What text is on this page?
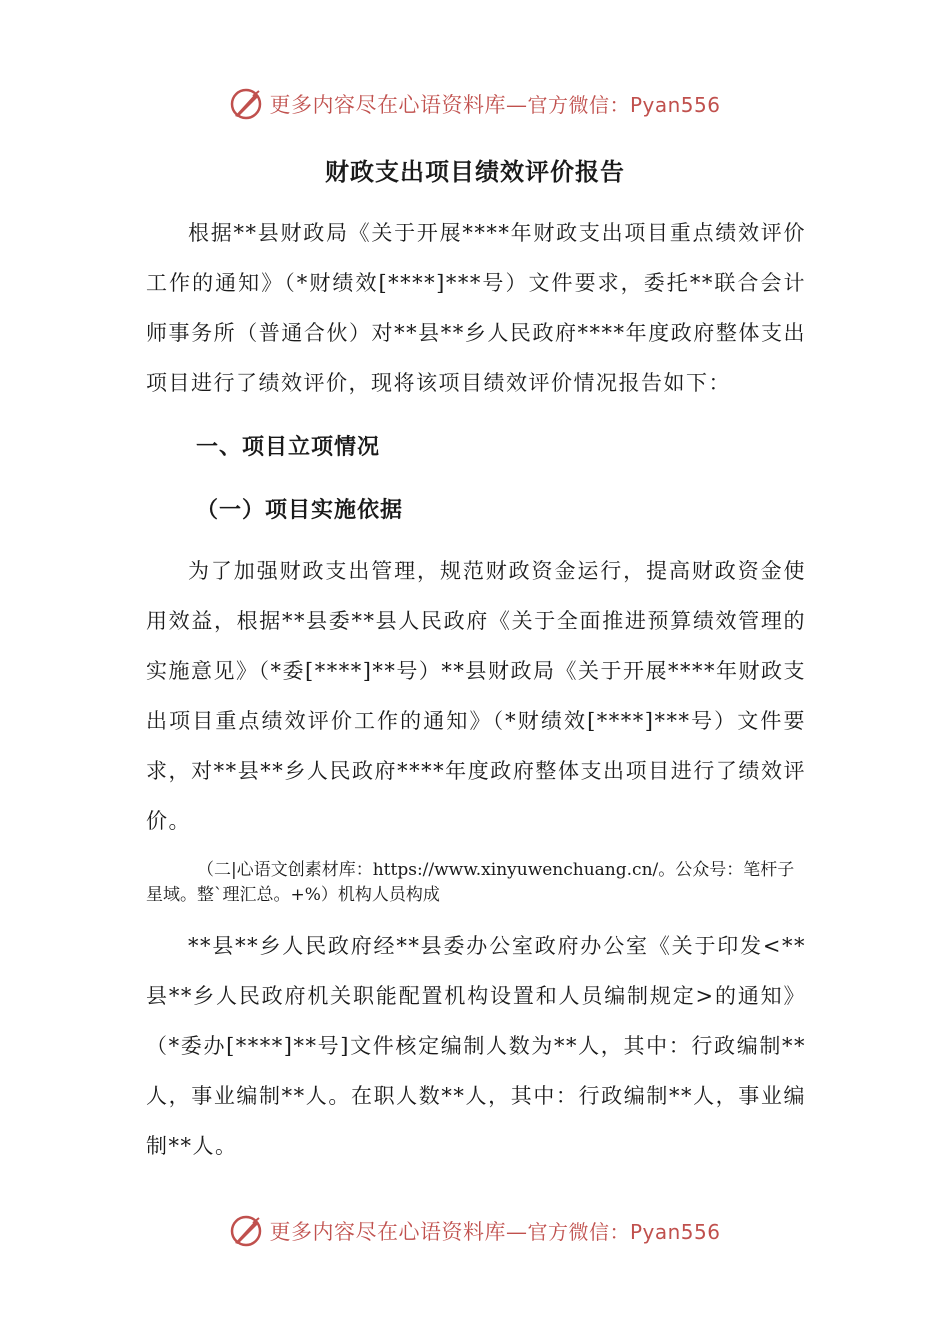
更多内容尽在心语资料库—官方微信：Pyan556
财政支出项目绩效评价报告

根据**县财政局《关于开展****年财政支出项目重点绩效评价工作的通知》（*财绩效[****]***号）文件要求，委托**联合会计师事务所（普通合伙）对**县**乡人民政府****年度政府整体支出项目进行了绩效评价，现将该项目绩效评价情况报告如下：

一、项目立项情况
（一）项目实施依据

为了加强财政支出管理，规范财政资金运行，提高财政资金使用效益，根据**县委**县人民政府《关于全面推进预算绩效管理的实施意见》（*委[****]**号）**县财政局《关于开展****年财政支出项目重点绩效评价工作的通知》（*财绩效[****]***号）文件要求，对**县**乡人民政府****年度政府整体支出项目进行了绩效评价。

（二|心语文创素材库：https://www.xinyuwenchuang.cn/。公众号：笔杆子星域。整`理汇总。+%）机构人员构成

**县**乡人民政府经**县委办公室政府办公室《关于印发<**县**乡人民政府机关职能配置机构设置和人员编制规定>的通知》（*委办[****]**号]文件核定编制人数为**人，其中：行政编制**人，事业编制**人。在职人数**人，其中：行政编制**人，事业编制**人。

更多内容尽在心语资料库—官方微信：Pyan556
